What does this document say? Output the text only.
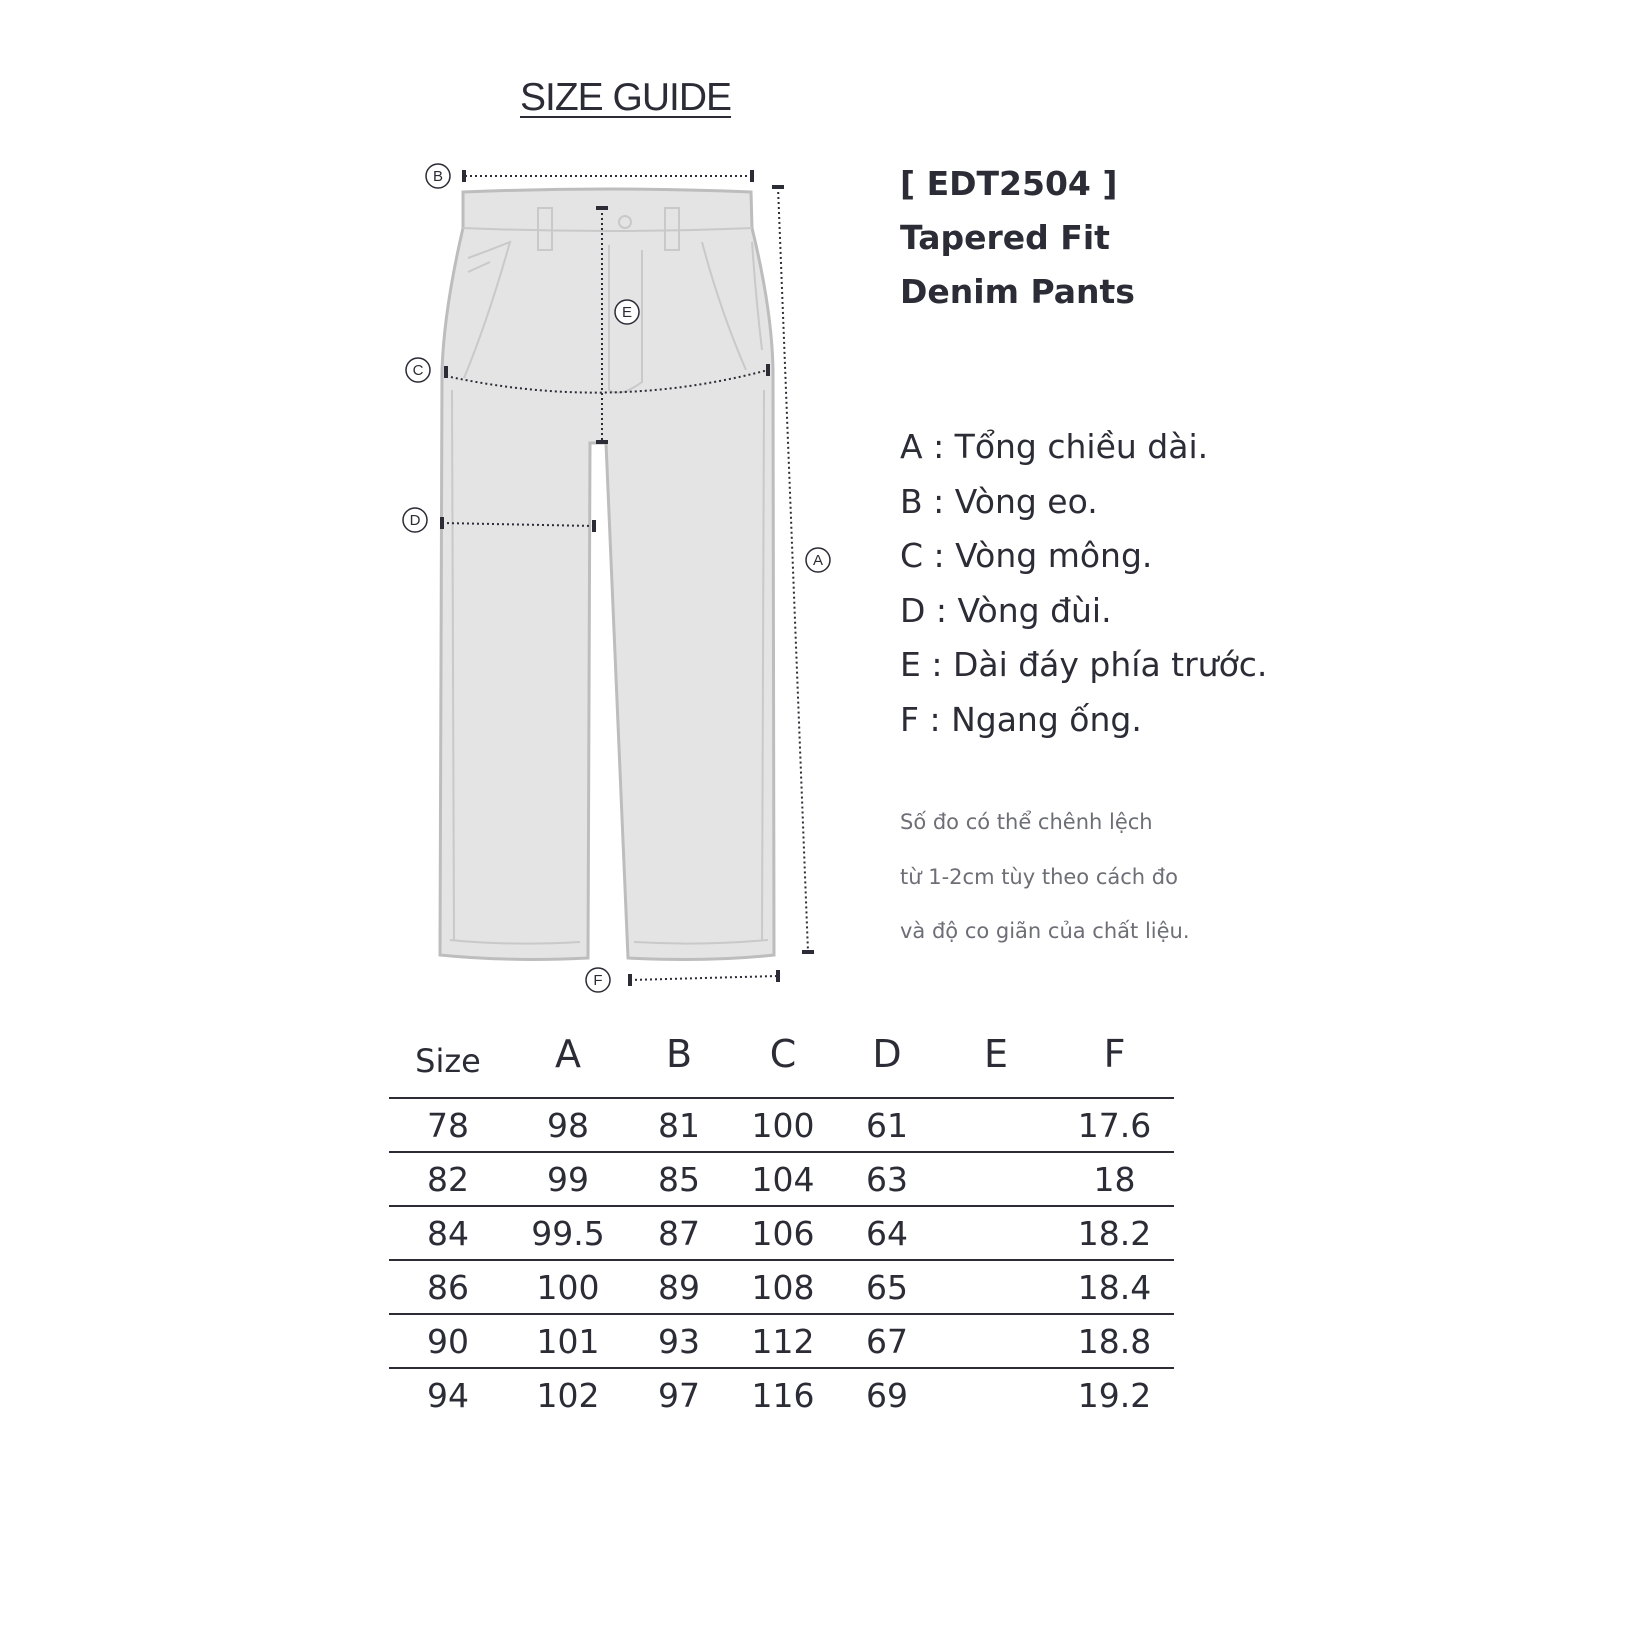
SIZE GUIDE
B
A
E
C
D
F
[ EDT2504 ]
Tapered Fit
Denim Pants
A : Tổng chiều dài.
B : Vòng eo.
C : Vòng mông.
D : Vòng đùi.
E : Dài đáy phía trước.
F : Ngang ống.
Số đo có thể chênh lệch
từ 1-2cm tùy theo cách đo
và độ co giãn của chất liệu.
Size	A	B	C	D	E	F
78	98	81	100	61		17.6
82	99	85	104	63		18
84	99.5	87	106	64		18.2
86	100	89	108	65		18.4
90	101	93	112	67		18.8
94	102	97	116	69		19.2
